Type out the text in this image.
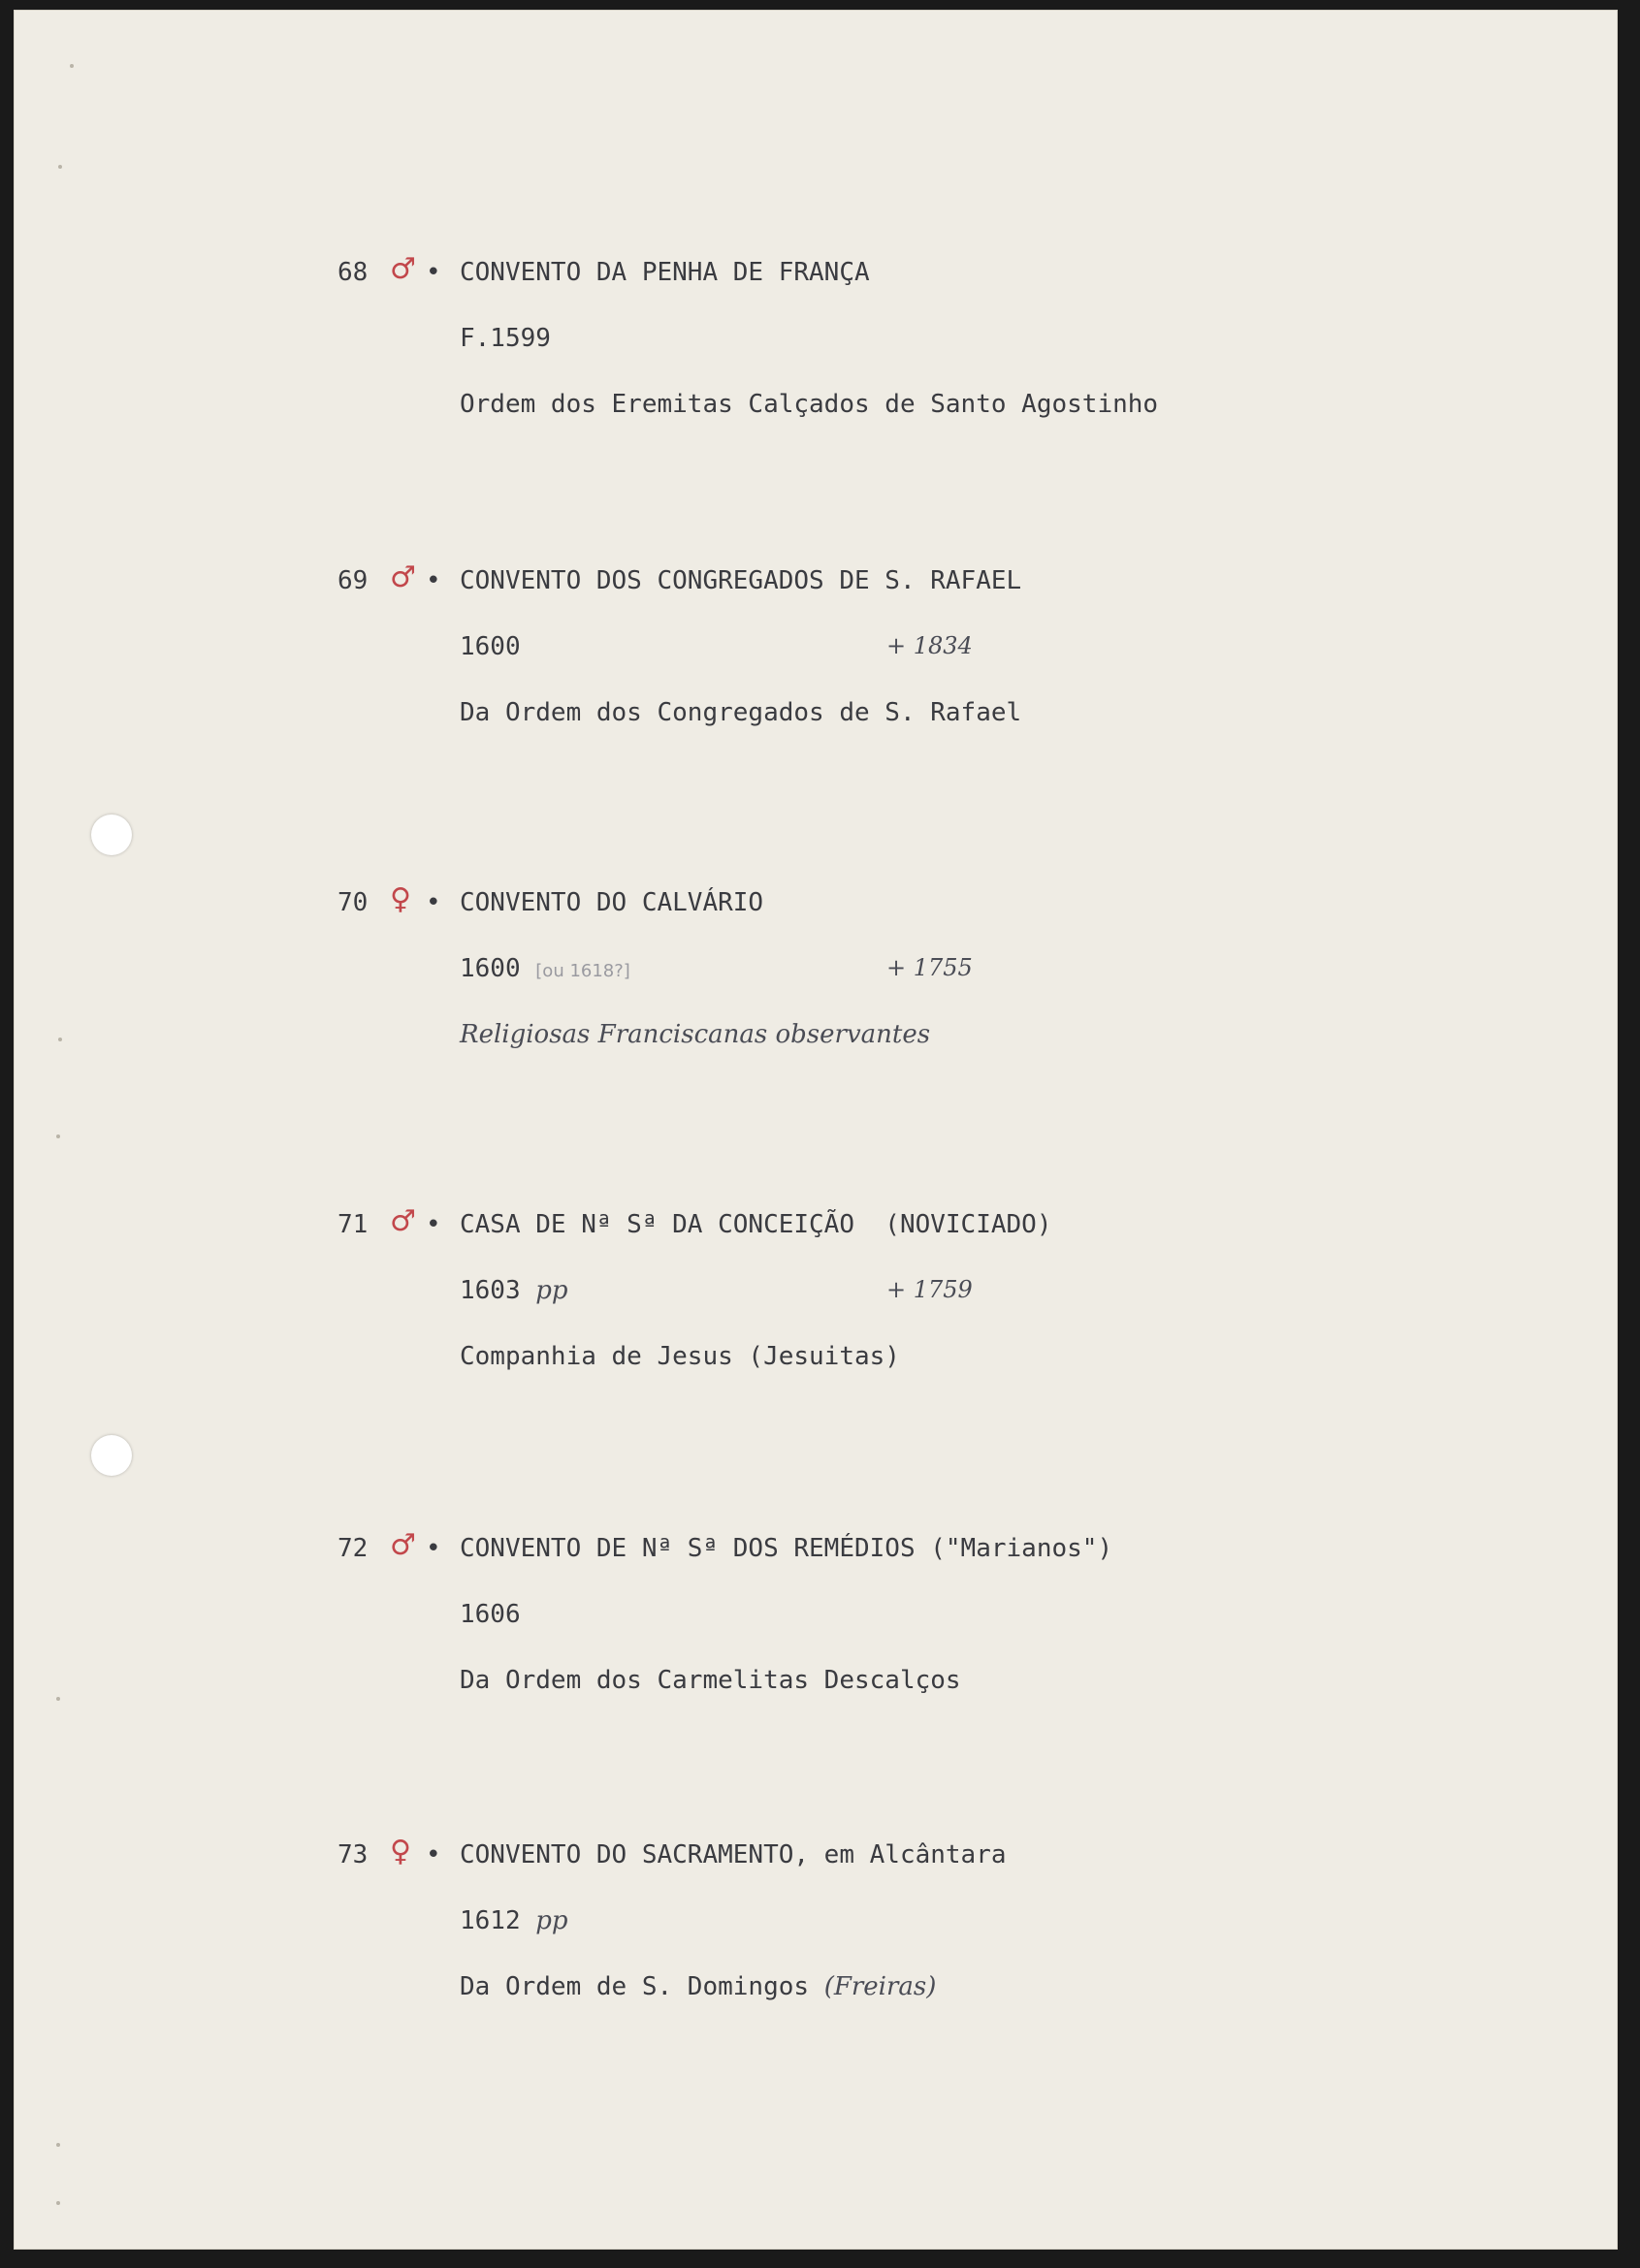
68 ♂ • CONVENTO DA PENHA DE FRANÇA
F.1599
Ordem dos Eremitas Calçados de Santo Agostinho
69 ♂ • CONVENTO DOS CONGREGADOS DE S. RAFAEL
1600	+ 1834
Da Ordem dos Congregados de S. Rafael
70 ♀ • CONVENTO DO CALVÁRIO
1600 [ou 1618?]	+ 1755
Religiosas Franciscanas observantes
71 ♂ • CASA DE Nª Sª DA CONCEIÇÃO  (NOVICIADO)
1603 pp	+ 1759
Companhia de Jesus (Jesuitas)
72 ♂ • CONVENTO DE Nª Sª DOS REMÉDIOS ("Marianos")
1606
Da Ordem dos Carmelitas Descalços
73 ♀ • CONVENTO DO SACRAMENTO, em Alcântara
1612 pp
Da Ordem de S. Domingos (Freiras)
